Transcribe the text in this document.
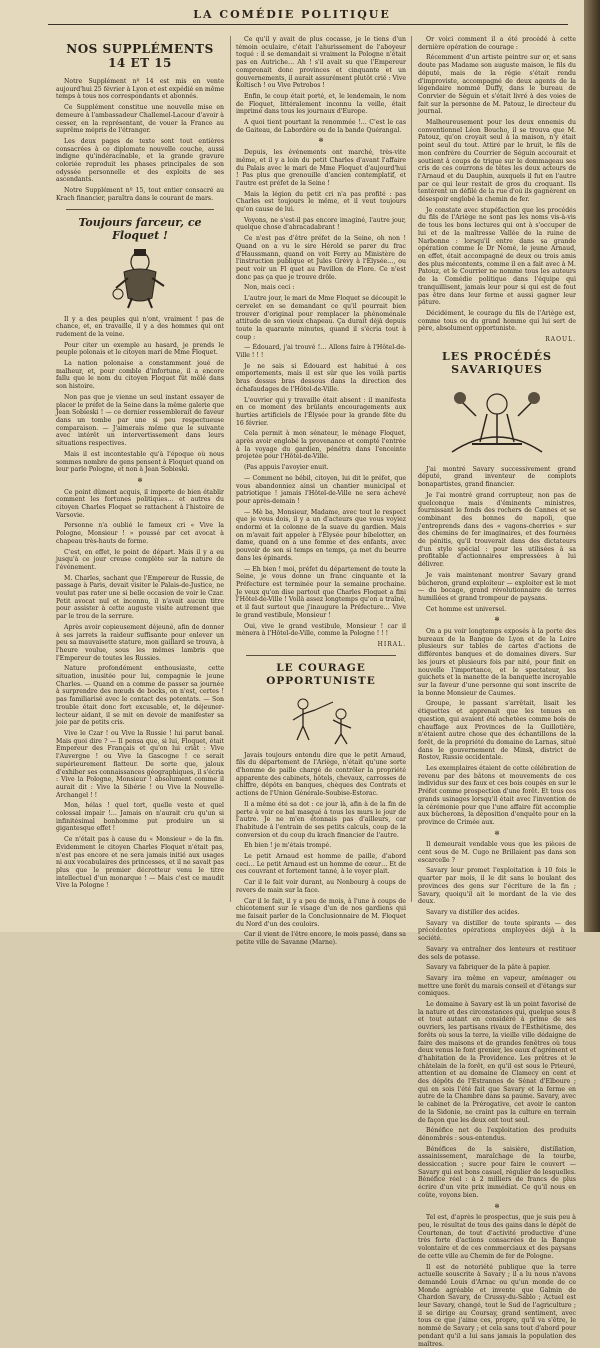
LA COMÉDIE POLITIQUE
NOS SUPPLÉMENTS 14 ET 15

Notre Supplément nº 14 est mis en vente aujourd'hui 25 février à Lyon et est expédié en même temps à tous nos correspondants et abonnés.

Ce Supplément constitue une nouvelle mise en demeure à l'ambassadeur Challemel-Lacour d'avoir à cesser, en la représentant, de vouer la France au suprême mépris de l'étranger.

Les deux pages de texte sont tout entières consacrées à ce diplomate nouvelle couche, aussi indigne qu'indéracinable, et la grande gravure coloriée reproduit les phases principales de son odyssée personnelle et des exploits de ses ascendants.

Notre Supplément nº 15, tout entier consacré au Krach financier, paraîtra dans le courant de mars.

Toujours farceur, ce Floquet !

Il y a des peuples qui n'ont, vraiment ! pas de chance, et, en travaille, il y a des hommes qui ont rudement de la veine.

Pour citer un exemple au hasard, je prends le peuple polonais et le citoyen mari de Mme Floquet.

La nation polonaise a constamment joué de malheur, et, pour comble d'infortune, il a encore fallu que le nom du citoyen Floquet fût mêlé dans son histoire.

Non pas que je vienne un seul instant essayer de placer le préfet de la Seine dans la même galerie que Jean Sobieski ! — ce dernier ressemblerait de faveur dans un tombe par une si peu respectueuse comparaison. — J'aimerais même que le suivante avec intérêt un intervertissement dans leurs situations respectives.

Mais il est incontestable qu'à l'époque où nous sommes nombre de gens pensent à Floquet quand on leur parle Pologne, et non à Jean Sobieski.

✻

Ce point dûment acquis, il importe de bien établir comment les fortunes politiques… et autres du citoyen Charles Floquet se rattachent à l'histoire de Varsovie.

Personne n'a oublié le fameux cri « Vive la Pologne, Monsieur ! » poussé par cet avocat à chapeau très-hauts de forme.

C'est, en effet, le point de départ. Mais il y a eu jusqu'à ce jour creuse complète sur la nature de l'événement.

M. Charles, sachant que l'Empereur de Russie, de passage à Paris, devait visiter le Palais-de-Justice, ne voulut pas rater une si belle occasion de voir le Czar. Petit avocat nul et inconnu, il n'avait aucun titre pour assister à cette auguste visite autrement que par le trou de la serrure.

Après avoir copieusement déjeuné, afin de donner à ses jarrets la raideur suffisante pour enlever un peu sa mauvaisette stature, mon gaillard se trouva, à l'heure voulue, sous les mêmes lambris que l'Empereur de toutes les Russies.

Nature profondément enthousiaste, cette situation, inusitée pour lui, compagnie le jeune Charles. — Quand en a comme de passer sa journée à surprendre des nœuds de bocks, on n'est, certes ! pas familiarisé avec le contact des potentats. — Son trouble était donc fort excusable, et, le déjeuner-lecteur aidant, il se mit en devoir de manifester sa joie par de petits cris.

Vive le Czar ! ou Vive la Russie ! lui parut banal. Mais quoi dire ? — Il pensa que, si lui, Floquet, était Empereur des Français et qu'on lui criât : Vive l'Auvergne ! ou Vive la Gascogne ! ce serait supérieurement flatteur. De sorte que, jaloux d'exhiber ses connaissances géographiques, il s'écria : Vive la Pologne, Monsieur ! absolument comme il aurait dit : Vive la Sibérie ! ou Vive la Nouvelle-Archangel ! !

Mon, hélas ! quel tort, quelle veste et quel colossal impair !… Jamais on n'aurait cru qu'un si infinitésimal bonhomme put produire un si gigantesque effet !

Ce n'était pas à cause du « Monsieur » de la fin. Evidemment le citoyen Charles Floquet n'était pas, n'est pas encore et ne sera jamais initié aux usages ni aux vocabulaires des princesses, et il ne savait pas plus que le premier décrotteur venu le titre intellectuel d'un monarque ! — Mais c'est ce maudit Vive la Pologne !

Ce qu'il y avait de plus cocasse, je le tiens d'un témoin oculaire, c'était l'ahurissement de l'aboyeur toqué : il se demandait si vraiment la Pologne n'était pas en Autriche… Ah ! s'il avait su que l'Empereur comprenait donc provinces et cinquante et un gouvernements, il aurait assurément plutôt crié : Vive Koltisch ! ou Vive Petrobos !

Enfin, le coup était porté, et, le lendemain, le nom de Floquet, littéralement inconnu la veille, était imprimé dans tous les journaux d'Europe.

A quoi tient pourtant la renommée !… C'est le cas de Gaiteau, de Labordère ou de la bande Quérangal.

✻

Depuis, les événements ont marché, très-vite même, et il y a loin du petit Charles d'avant l'affaire du Palais avec le mari de Mme Floquet d'aujourd'hui ! Pas plus que grenouille d'ancien contemplatif, et l'autre est préfet de la Seine !

Mais la légion du petit cri n'a pas profité : pas Charles est toujours le même, et il veut toujours qu'on cause de lui.

Voyons, ne s'est-il pas encore imaginé, l'autre jour, quelque chose d'abracadabrant !

Ce n'est pas d'être préfet de la Seine, oh non ! Quand on a vu le sire Hérold se parer du frac d'Haussmann, quand on voit Ferry au Ministère de l'instruction publique et Jules Grévy à l'Élysée…, ou peut voir un Fl quet au Pavillon de Flore. Ce n'est donc pas ça que je trouve drôle.

Non, mais ceci :

L'autre jour, le mari de Mme Floquet se découpit le cervelet en se demandant ce qu'il pourrait bien trouver d'original pour remplacer la phénoménale attitude de son vieux chapeau. Ça durait déjà depuis toute la quarante minutes, quand il s'écria tout à coup :

— Édouard, j'ai trouvé !… Allons faire à l'Hôtel-de-Ville ! ! !

Je ne sais si Édouard est habitué à ces emportements, mais il est sûr que les voilà partis bras dessus bras dessous dans la direction des échafaudages de l'Hôtel-de-Ville.

L'ouvrier qui y travaille était absent : il manifesta en ce moment des brûlants encouragements aux hurties artificiels de l'Élysée pour la grande fête du 16 février.

Cela permit à mon sénateur, le ménage Floquet, après avoir englobé la provenance et compté l'entrée à la voyage du gardien, pénétra dans l'enceinte projetée pour l'Hôtel-de-Ville.

(Pas appuis l'avoyier enuit.

— Comment ne bébil, citoyen, lui dit le préfet, que vous abandonniez ainsi un chantier municipal et patriotique ! jamais l'Hôtel-de-Ville ne sera achevé pour après-demain !

— Mè ba, Monsieur, Madame, avec tout le respect que je vous dois, il y a un d'acteurs que vous voyiez endormi et la colonne de la suave du gardien. Mais on m'avait fait appeler à l'Élysée pour bibelotter, en dame, quand on a une femme et des enfants, avec pouvoir de son si temps en temps, ça met du beurre dans les épinards.

— Eh bien ! moi, préfet du département de toute la Seine, je vous donne un franc cinquante et la Préfecture est terminée pour la semaine prochaine. Je veux qu'on dise partout que Charles Floquet a fini l'Hôtel-de-Ville ! Voilà assez longtemps qu'on a traîné, et il faut surtout que j'inaugure la Préfecture… Vive le grand vestibule, Monsieur !

Oui, vive le grand vestibule, Monsieur ! car il mènera à l'Hôtel-de-Ville, comme la Pologne ! ! !

HIRAL.
LE COURAGE OPPORTUNISTE

Javais toujours entendu dire que le petit Arnaud, fils du département de l'Ariège, n'était qu'une sorte d'homme de paille chargé de contrôler la propriété apparente des cabinets, hôtels, chevaux, carrosses de chiffre, dépôts en banques, chèques des Contrats et actions de l'Union Générale-Soubise-Estorac.

Il a même été sa dot : ce jour là, afin à de la fin de perte à voir ce bal masqué à tous les murs le jour de l'autre. Je ne m'en étonnais pas d'ailleurs, car l'habitude à l'entrain de ses petits calculs, coup de la conversion et du coup du krach financier de l'autre.

Eh bien ! je m'étais trompé.

Le petit Arnaud est homme de paille, d'abord ceci… Le petit Arnaud est un homme de cœur… Et de ces couvrant et fortement tanné, à le voyer plait.

Car il le fait voir durant, au Nonbourg à coups de revers de main sur la face.

Car il le fait, il y a peu de mois, à l'une à coups de chicotement sur le visage d'un de nos gardiens qui me faisait parler de la Conclusionnaire de M. Floquet du Nord d'un des couloirs.

Car il vient de l'être encore, le mois passé, dans sa petite ville de Savanne (Marne).

Or voici comment il a été procédé à cette dernière opération de courage :

Récemment d'un artiste peintre sur or, et sans doute pas Madame son auguste maison, le fils du député, mais de la régie s'était rendu d'improviste, accompagné de deux agents de la légendaire nommé Duffy, dans le bureau de Conrvier de Séguin et s'était livré à des voies de fait sur la personne de M. Patouz, le directeur du journal.

Malheureusement pour les deux ennemis du conventionnel Léon Boucho, il se trouva que M. Patouz, qu'on croyait seul à la maison, n'y était point seul du tout. Attiré par le bruit, le fils de mon confrère du Courrier de Séguin accourait et soutient à coups de trique sur le dommageau ses cris de ces courrons de têtes les deux acteurs de l'Arnaud et du Dauphin, auxquels il fut en l'autre par ce qui leur restait de gros du croquant. Ils tentèrent un défilé de la rue d'où ils gagnèrent en désespoir englobé la chemin de fer.

Je constate avec stupéfaction que les procédés du fils de l'Ariège ne sont pas les noms vis-à-vis de tous les bons lectures qui ont à s'occuper de lui et de la maîtresse Vallée de la ruine de Narbonne : lorsqu'il entre dans sa grande opération comme le Dr Nomé, le jeune Arnaud, en effet, était accompagné de deux ou trois amis des plus mécontents, comme il en a fait avec à M. Patouz, et le Courrier ne nomme tous les auteurs de la Comédie politique dans l'équipe qui tranquillisent, jamais leur pour si qui est de fout pas être dans leur ferme et aussi gagner leur pâture.

Décidément, le courage du fils de l'Ariège est, comme tous ou du grand homme qui lui sert de père, absolument opportuniste.

RAOUL.
LES PROCÉDÉS SAVARIQUES

J'ai montré Savary successivement grand député, grand inventeur de complots bonapartistes, grand financier.

Je l'ai montré grand corrupteur, non pas de quelconque mais d'éminents ministres, fournissant le fonds des rochers de Cannes et se combinant des bonnes de napoli, que j'entreprends dans des « vagons-cherries » sur des chemins de fer imaginaires, et des fournées de pénitis, qu'il trouverait dans des dictateurs d'un style spécial : pour les utilisées à sa profitable d'actionnaires empressées à lui délivrer.

Je vais maintenant montrer Savary grand bûcheron, grand exploiteur — exploiter est le mot — du bocage, grand révolutionnaire de terres humiliées et grand trompeur de paysans.

Cet homme est universel.

✻

On a pu voir longtemps exposés à la porte des bureaux de la Banque de Lyon et de la Loire plusieurs sur tables de cartes d'actions de différentes banques et de domaines divers. Sur les jours et plusieurs fois par nité, pour finit en nouvelle l'importance, et le spectateur, les guichets et la manette de la banquette incroyable sur la faveur d'une personne qui sont inscrite de la bonne Monsieur de Caumes.

Groupe, le passant s'arrêtait, lisait les étiquettes et apprenait que les tenues en question, qui avaient été achetées comme bois de chauffage aux Provinces de la Guillotière, n'étaient autre chose que des échantillons de la forêt, de la propriété du domaine de Larnas, situé dans le gouvernement de Minsk, district de Rostov, Russie occidentale.

Les exemplaires étaient de cette célébration de revenu par des bâtons et mouvements de ces individus sur des faux et ces bois coupés en sur le Préfet comme prospection d'une forêt. Et tous ces grands usinages lorsqu'il était avec l'invention de la cérémonie pour que l'une affaire fût accomplie aux bûcherons, la déposition d'enquête pour en la province de Crimée aux.

✻

Il demeurait vendable vous que les pièces de cent sous de M. Cugo ne Brillaient pas dans son escarcelle ?

Savary leur promet l'exploitation à 10 fois le quarter par mois, il le dit sans le boulant des provinces des gens sur l'écriture de la fin ; Savary, quoiqu'il ait le mordant de la vie des deux.

Savary va distiller des acides.

Savary va distiller de toute spirants — des précédentes opérations employées déjà à la société.

Savary va entraîner des lenteurs et restituer des sels de potasse.

Savary va fabriquer de la pâte à papier.

Savary ira même en vapeur, aménager ou mettre une forêt du marais conseil et d'étangs sur comiques.

Le domaine à Savary est là un point favorisé de la nature et des circonstances qui, quelque sous 8 et tout autant en considéré à prime de ses ouvriers, les partisans rivaux de l'Esthétisme, des forêts où sous la terre, la vieille ville dédaigne de faire des maisons et de grandes fenêtres où tous deux venus le font grenier, les eaux d'agrément et d'habitation de la Providence. Les prêtres et le châtelain de la forêt, en qu'il est sous le Prieuré, attention et au domaine de Clamecy en cent et des dépôts de l'Estrannes de Sénat d'Elboure ; qui en sois l'été fait que Savary et la ferme en autre de la Chambre dans sa paume. Savary, avec le cabinet de la Prérogative, cet avoir le canton de la Sidonie, ne craint pas la culture en terrain de façon que les deux ont tout seul.

Bénéfice net de l'exploitation des produits dénombrés : sous-entendus.

Bénéfices de la saisière, distillation, assainissement, maraîchage de la tourbe, dessiccation ; sucre pour faire le couvert — Savary qui est bons casuel, régulier de lesquelles. Bénéfice réel : à 2 milliers de francs de plus écrire d'un vite prix immédiat. Ce qu'il nous en coûte, voyons bien.

✻

Tel est, d'après le prospectus, que je suis peu à peu, le résultat de tous des gains dans le dépôt de Courtenan, de tout d'activité productive d'une très forte d'actions consacrées de la Banque volontaire et de ces commerciaux et des paysans de cette ville au Chemin de fer de Pologne.

Il est de notoriété publique que la terre actuelle souscrite à Savary ; il a lu nous n'avons demandé Louis d'Arnac ou qu'un monde de ce Monde agréable et invente que Galmin de Chardon Savary, de Crussy-du-Sablo ; Actuel est leur Savary, changé, tout le Sud de l'agriculture ; il se dirige au Coursay, grand sentiment, avec tous ce que j'aime ces, propre, qu'il va s'être, le nommé de Savary ; et cela sans tout d'abord pour pendant qu'il a lui sans jamais la population des maîtres.
